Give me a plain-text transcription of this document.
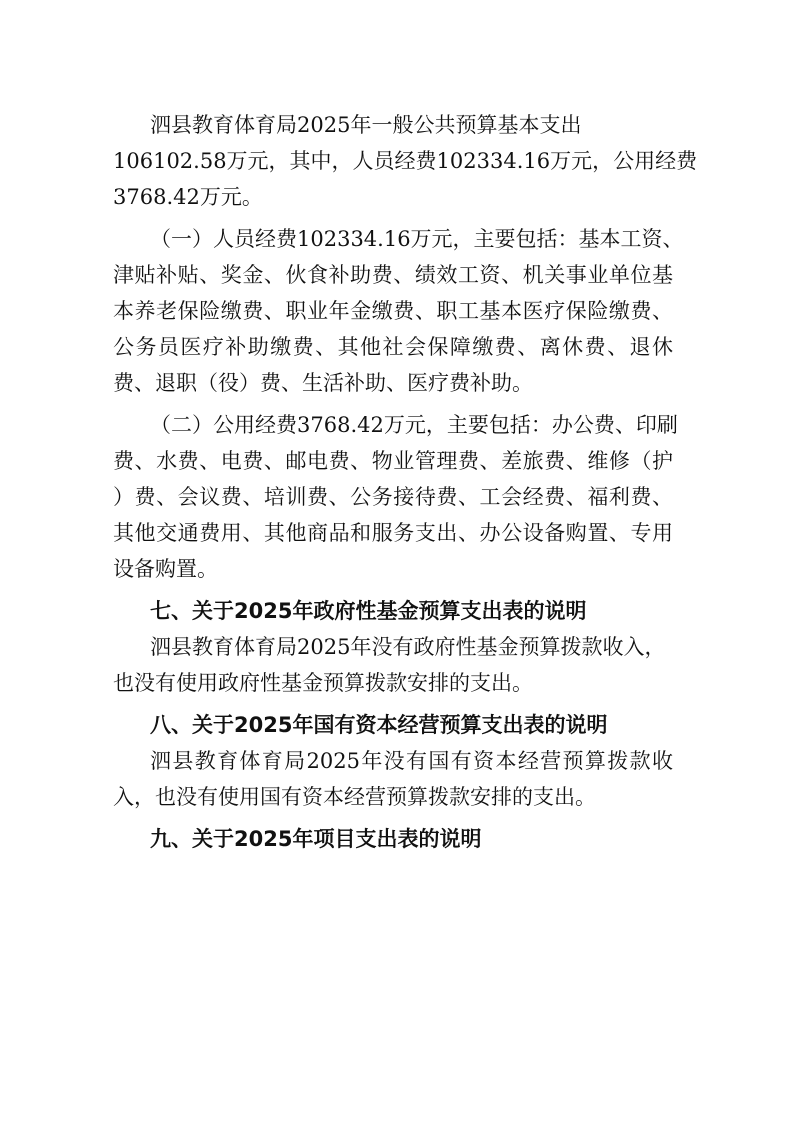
泗县教育体育局2025年一般公共预算基本支出
106102.58万元，其中，人员经费102334.16万元，公用经费
3768.42万元。
（一）人员经费102334.16万元，主要包括：基本工资、
津贴补贴、奖金、伙食补助费、绩效工资、机关事业单位基
本养老保险缴费、职业年金缴费、职工基本医疗保险缴费、
公务员医疗补助缴费、其他社会保障缴费、离休费、退休
费、退职（役）费、生活补助、医疗费补助。
（二）公用经费3768.42万元，主要包括：办公费、印刷
费、水费、电费、邮电费、物业管理费、差旅费、维修（护
）费、会议费、培训费、公务接待费、工会经费、福利费、
其他交通费用、其他商品和服务支出、办公设备购置、专用
设备购置。
七、关于2025年政府性基金预算支出表的说明
泗县教育体育局2025年没有政府性基金预算拨款收入，
也没有使用政府性基金预算拨款安排的支出。
八、关于2025年国有资本经营预算支出表的说明
泗县教育体育局2025年没有国有资本经营预算拨款收
入，也没有使用国有资本经营预算拨款安排的支出。
九、关于2025年项目支出表的说明
